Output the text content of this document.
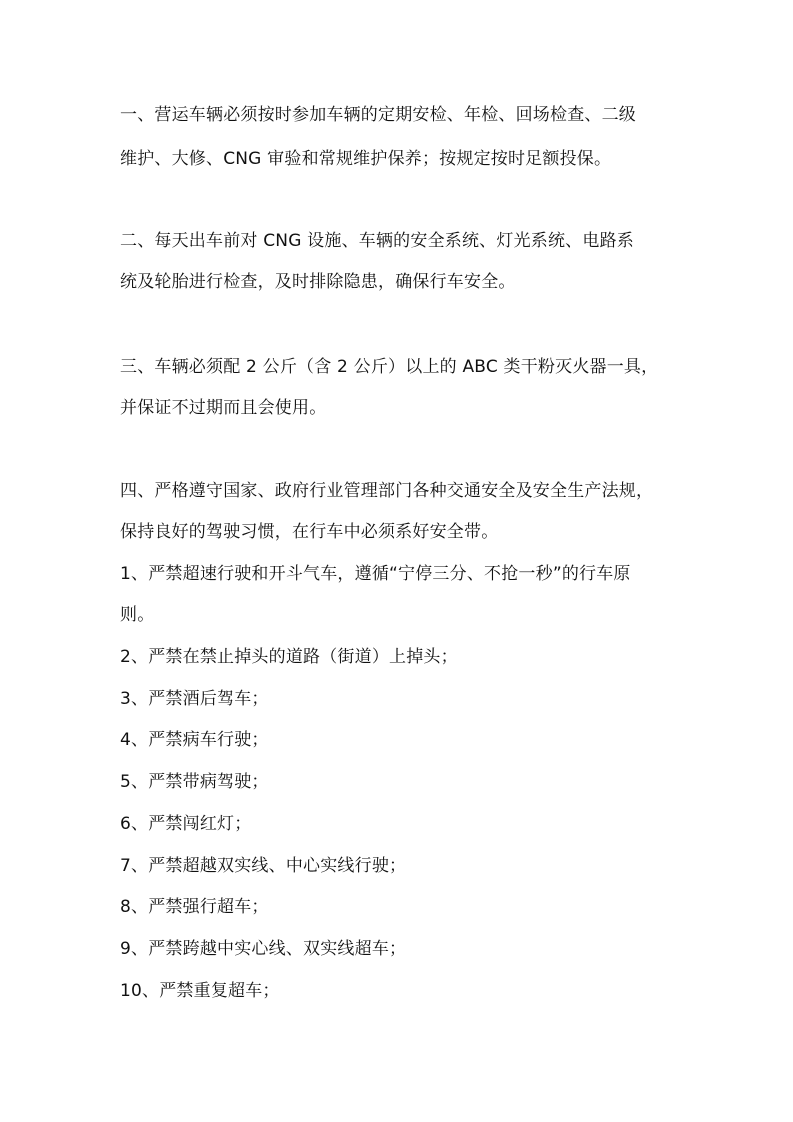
一、营运车辆必须按时参加车辆的定期安检、年检、回场检查、二级
维护、大修、CNG 审验和常规维护保养；按规定按时足额投保。
二、每天出车前对 CNG 设施、车辆的安全系统、灯光系统、电路系
统及轮胎进行检查，及时排除隐患，确保行车安全。
三、车辆必须配 2 公斤（含 2 公斤）以上的 ABC 类干粉灭火器一具，
并保证不过期而且会使用。
四、严格遵守国家、政府行业管理部门各种交通安全及安全生产法规，
保持良好的驾驶习惯，在行车中必须系好安全带。
1、严禁超速行驶和开斗气车，遵循“宁停三分、不抢一秒”的行车原
则。
2、严禁在禁止掉头的道路（街道）上掉头；
3、严禁酒后驾车；
4、严禁病车行驶；
5、严禁带病驾驶；
6、严禁闯红灯；
7、严禁超越双实线、中心实线行驶；
8、严禁强行超车；
9、严禁跨越中实心线、双实线超车；
10、严禁重复超车；
